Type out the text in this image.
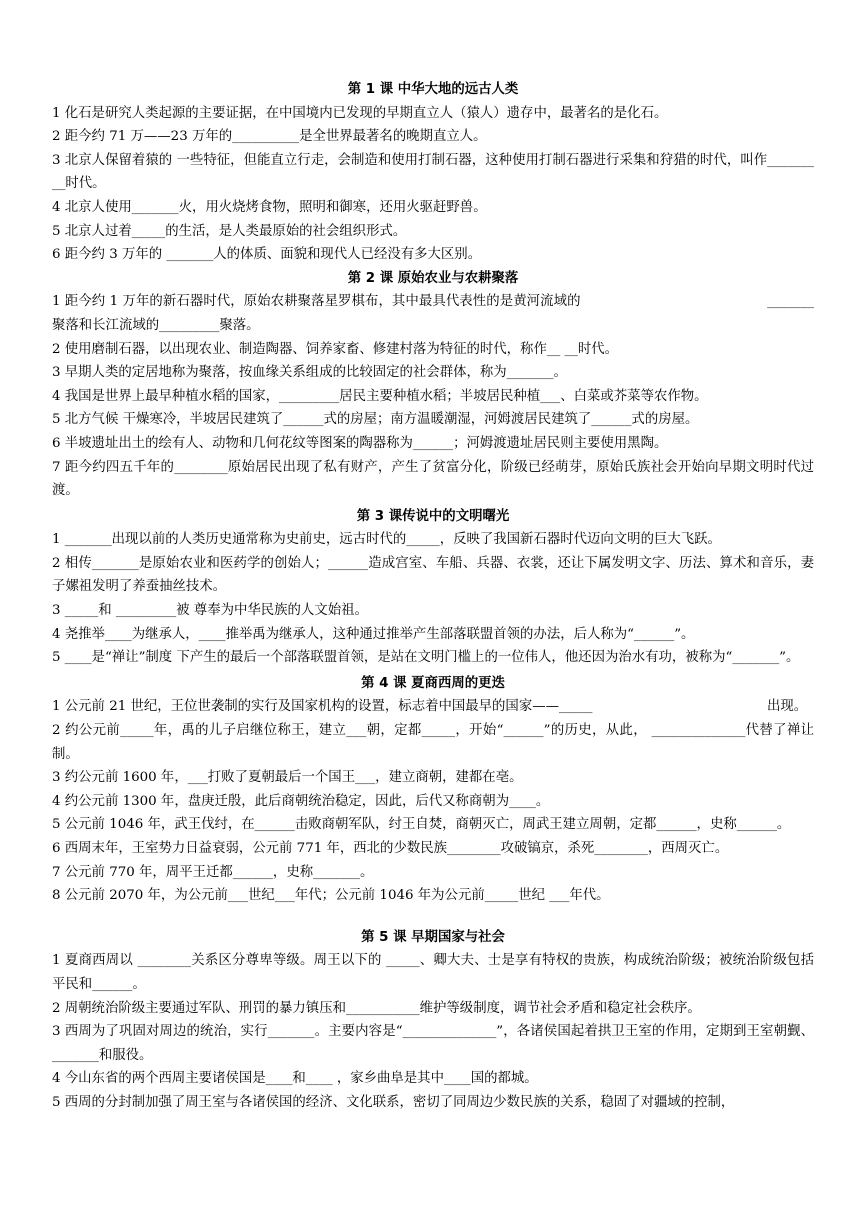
第 1 课 中华大地的远古人类

1 化石是研究人类起源的主要证据，在中国境内已发现的早期直立人（猿人）遗存中，最著名的是化石。

2 距今约 71 万——23 万年的__________是全世界最著名的晚期直立人。

3 北京人保留着猿的 一些特征，但能直立行走，会制造和使用打制石器，这种使用打制石器进行采集和狩猎的时代，叫作_________时代。

4 北京人使用_______火，用火烧烤食物，照明和御寒，还用火驱赶野兽。

5 北京人过着_____的生活，是人类最原始的社会组织形式。

6 距今约 3 万年的 _______人的体质、面貌和现代人已经没有多大区别。

第 2 课 原始农业与农耕聚落

1 距今约 1 万年的新石器时代，原始农耕聚落星罗棋布，其中最具代表性的是黄河流域的                                           _______聚落和长江流域的_________聚落。

2 使用磨制石器，以出现农业、制造陶器、饲养家畜、修建村落为特征的时代，称作__ __时代。

3 早期人类的定居地称为聚落，按血缘关系组成的比较固定的社会群体，称为_______。

4 我国是世界上最早种植水稻的国家，_________居民主要种植水稻；半坡居民种植___、白菜或芥菜等农作物。

5 北方气候 干燥寒冷，半坡居民建筑了______式的房屋；南方温暖潮湿，河姆渡居民建筑了______式的房屋。

6 半坡遗址出土的绘有人、动物和几何花纹等图案的陶器称为______；河姆渡遗址居民则主要使用黑陶。

7 距今约四五千年的________原始居民出现了私有财产，产生了贫富分化，阶级已经萌芽，原始氏族社会开始向早期文明时代过渡。

第 3 课传说中的文明曙光

1 _______出现以前的人类历史通常称为史前史，远古时代的_____，反映了我国新石器时代迈向文明的巨大飞跃。

2 相传_______是原始农业和医药学的创始人；______造成宫室、车船、兵器、衣裳，还让下属发明文字、历法、算术和音乐，妻子嫘祖发明了养蚕抽丝技术。

3 _____和 _________被 尊奉为中华民族的人文始祖。

4 尧推举____为继承人，____推举禹为继承人，这种通过推举产生部落联盟首领的办法，后人称为“______”。

5 ____是“禅让”制度 下产生的最后一个部落联盟首领，是站在文明门槛上的一位伟人，他还因为治水有功，被称为“_______”。

第 4 课 夏商西周的更迭

1 公元前 21 世纪，王位世袭制的实行及国家机构的设置，标志着中国最早的国家——_____                                         出现。

2 约公元前_____年，禹的儿子启继位称王，建立___朝，定都_____，开始“______”的历史，从此， ______________代替了禅让制。

3 约公元前 1600 年，___打败了夏朝最后一个国王___，建立商朝，建都在亳。

4 约公元前 1300 年，盘庚迁殷，此后商朝统治稳定，因此，后代又称商朝为____。

5 公元前 1046 年，武王伐纣，在______击败商朝军队，纣王自焚，商朝灭亡，周武王建立周朝，定都______，史称______。

6 西周末年，王室势力日益衰弱，公元前 771 年，西北的少数民族________攻破镐京，杀死________，西周灭亡。

7 公元前 770 年，周平王迁都______，史称_______。

8 公元前 2070 年，为公元前___世纪___年代；公元前 1046 年为公元前_____世纪 ___年代。

第 5 课 早期国家与社会

1 夏商西周以 ________关系区分尊卑等级。周王以下的 _____、卿大夫、士是享有特权的贵族，构成统治阶级；被统治阶级包括平民和______。

2 周朝统治阶级主要通过军队、刑罚的暴力镇压和___________维护等级制度，调节社会矛盾和稳定社会秩序。

3 西周为了巩固对周边的统治，实行_______。主要内容是“______________”，各诸侯国起着拱卫王室的作用，定期到王室朝觐、_______和服役。

4 今山东省的两个西周主要诸侯国是____和____ ，家乡曲阜是其中____国的都城。

5 西周的分封制加强了周王室与各诸侯国的经济、文化联系，密切了同周边少数民族的关系，稳固了对疆域的控制，
